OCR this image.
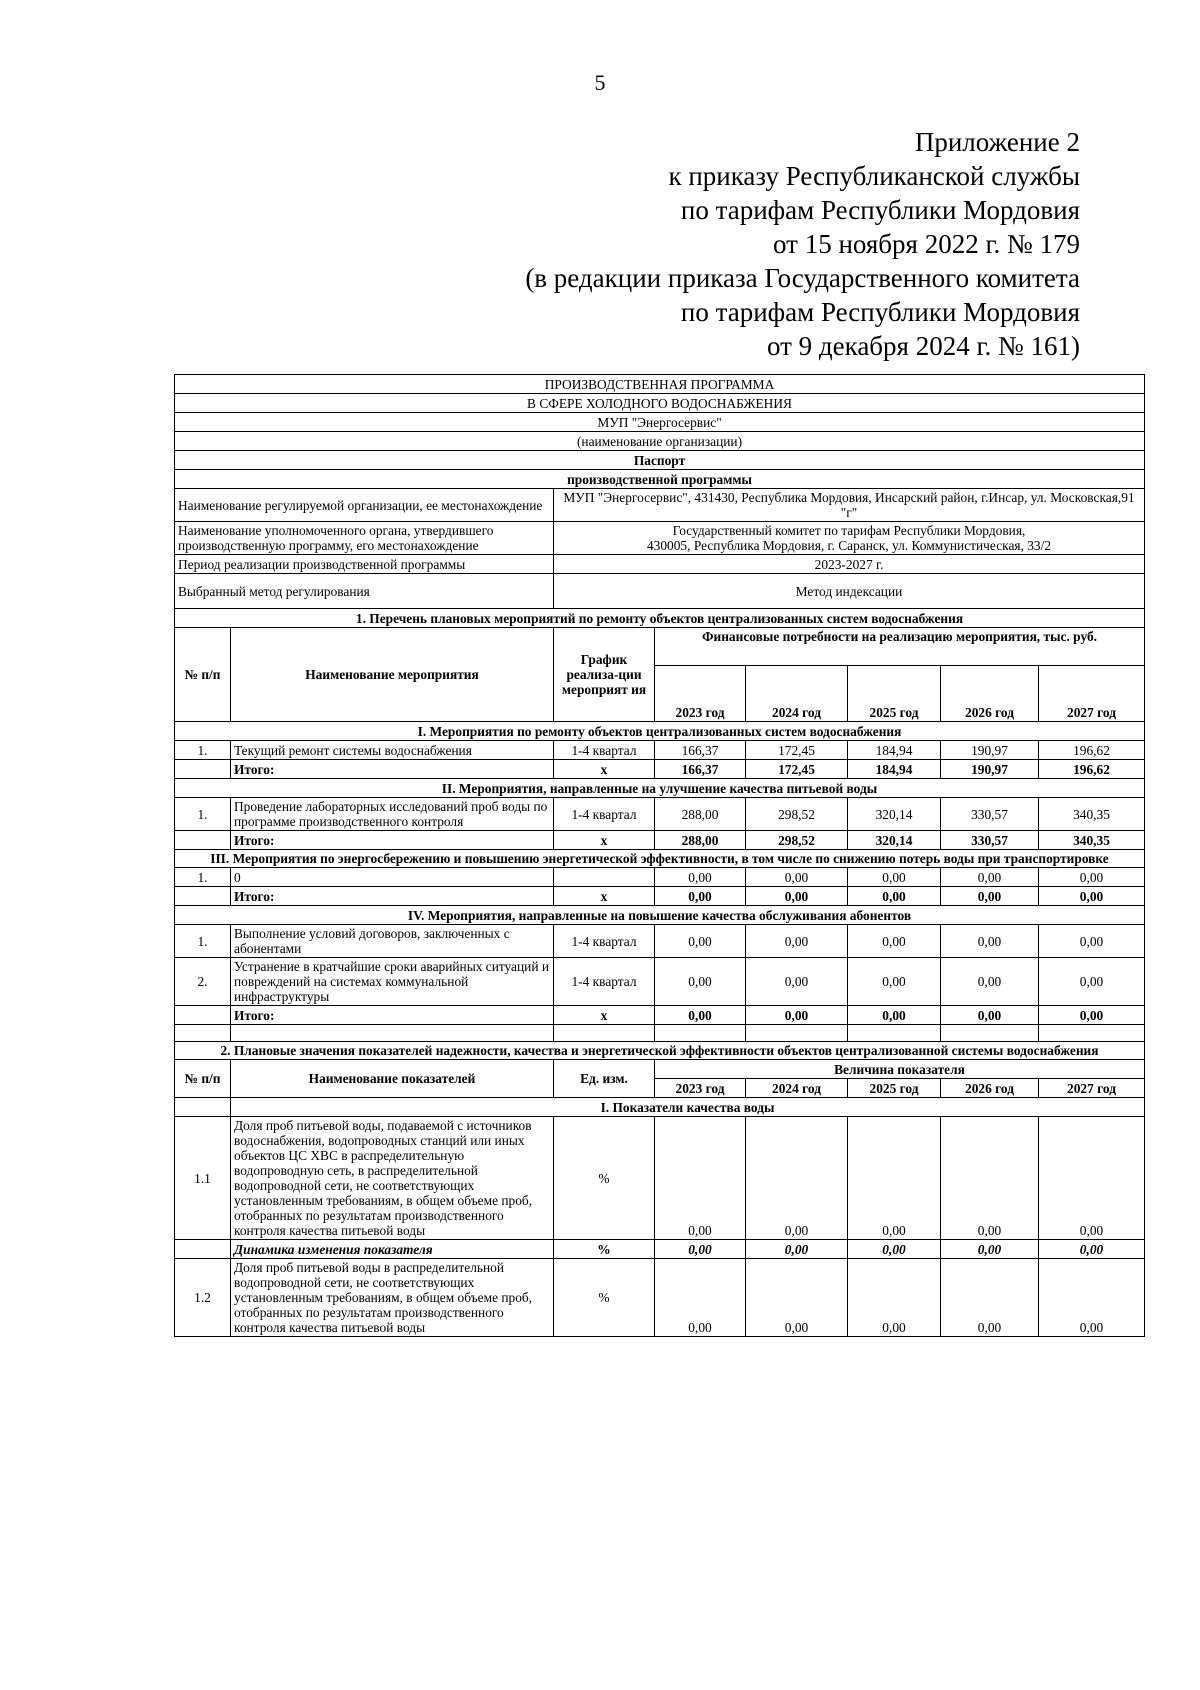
5
Приложение 2
к приказу Республиканской службы
по тарифам Республики Мордовия
от 15 ноября 2022 г. № 179
(в редакции приказа Государственного комитета
по тарифам Республики Мордовия
от 9 декабря 2024 г. № 161)
ПРОИЗВОДСТВЕННАЯ ПРОГРАММА							
В СФЕРЕ ХОЛОДНОГО ВОДОСНАБЖЕНИЯ							
МУП "Энергосервис"							
(наименование организации)							
Паспорт							
производственной программы							
Наименование регулируемой организации, ее местонахождение		МУП "Энергосервис", 431430, Республика Мордовия, Инсарский район, г.Инсар, ул. Московская,91 "г"					
Наименование уполномоченного органа, утвердившего производственную программу, его местонахождение		Государственный комитет по тарифам Республики Мордовия,
430005, Республика Мордовия, г. Саранск, ул. Коммунистическая, 33/2					

Период реализации производственной программы		2023-2027 г.					
Выбранный метод регулирования		Метод индексации					
1. Перечень плановых мероприятий по ремонту объектов централизованных систем водоснабжения							
№ п/п	Наименование мероприятия	График реализа-ции мероприят ия	Финансовые потребности на реализацию мероприятия, тыс. руб.				
			2023 год	2024 год	2025 год	2026 год	2027 год
I. Мероприятия по ремонту объектов централизованных систем водоснабжения							
1.	Текущий ремонт системы водоснабжения	1-4 квартал	166,37	172,45	184,94	190,97	196,62
	Итого:	х	166,37	172,45	184,94	190,97	196,62
II. Мероприятия, направленные на улучшение качества питьевой воды							
1.	Проведение лабораторных исследований проб воды по программе производственного контроля	1-4 квартал	288,00	298,52	320,14	330,57	340,35
	Итого:	х	288,00	298,52	320,14	330,57	340,35
III. Мероприятия по энергосбережению и повышению энергетической эффективности, в том числе по снижению потерь воды при транспортировке							
1.	0		0,00	0,00	0,00	0,00	0,00
	Итого:	х	0,00	0,00	0,00	0,00	0,00
IV. Мероприятия, направленные на повышение качества обслуживания абонентов							
1.	Выполнение условий договоров, заключенных с абонентами	1-4 квартал	0,00	0,00	0,00	0,00	0,00
2.	Устранение в кратчайшие сроки аварийных ситуаций и повреждений на системах коммунальной инфраструктуры	1-4 квартал	0,00	0,00	0,00	0,00	0,00
	Итого:	х	0,00	0,00	0,00	0,00	0,00

2. Плановые значения показателей надежности, качества и энергетической эффективности объектов централизованной системы водоснабжения							
№ п/п	Наименование показателей	Ед. изм.	Величина показателя				
			2023 год	2024 год	2025 год	2026 год	2027 год
	I. Показатели качества воды						
1.1	Доля проб питьевой воды, подаваемой с источников водоснабжения, водопроводных станций или иных объектов ЦС ХВС в распределительную водопроводную сеть, в распределительной водопроводной сети, не соответствующих установленным требованиям, в общем объеме проб, отобранных по результатам производственного контроля качества питьевой воды	%	0,00	0,00	0,00	0,00	0,00
	Динамика изменения показателя	%	0,00	0,00	0,00	0,00	0,00
1.2	Доля проб питьевой воды в распределительной водопроводной сети, не соответствующих установленным требованиям, в общем объеме проб, отобранных по результатам производственного контроля качества питьевой воды	%	0,00	0,00	0,00	0,00	0,00
